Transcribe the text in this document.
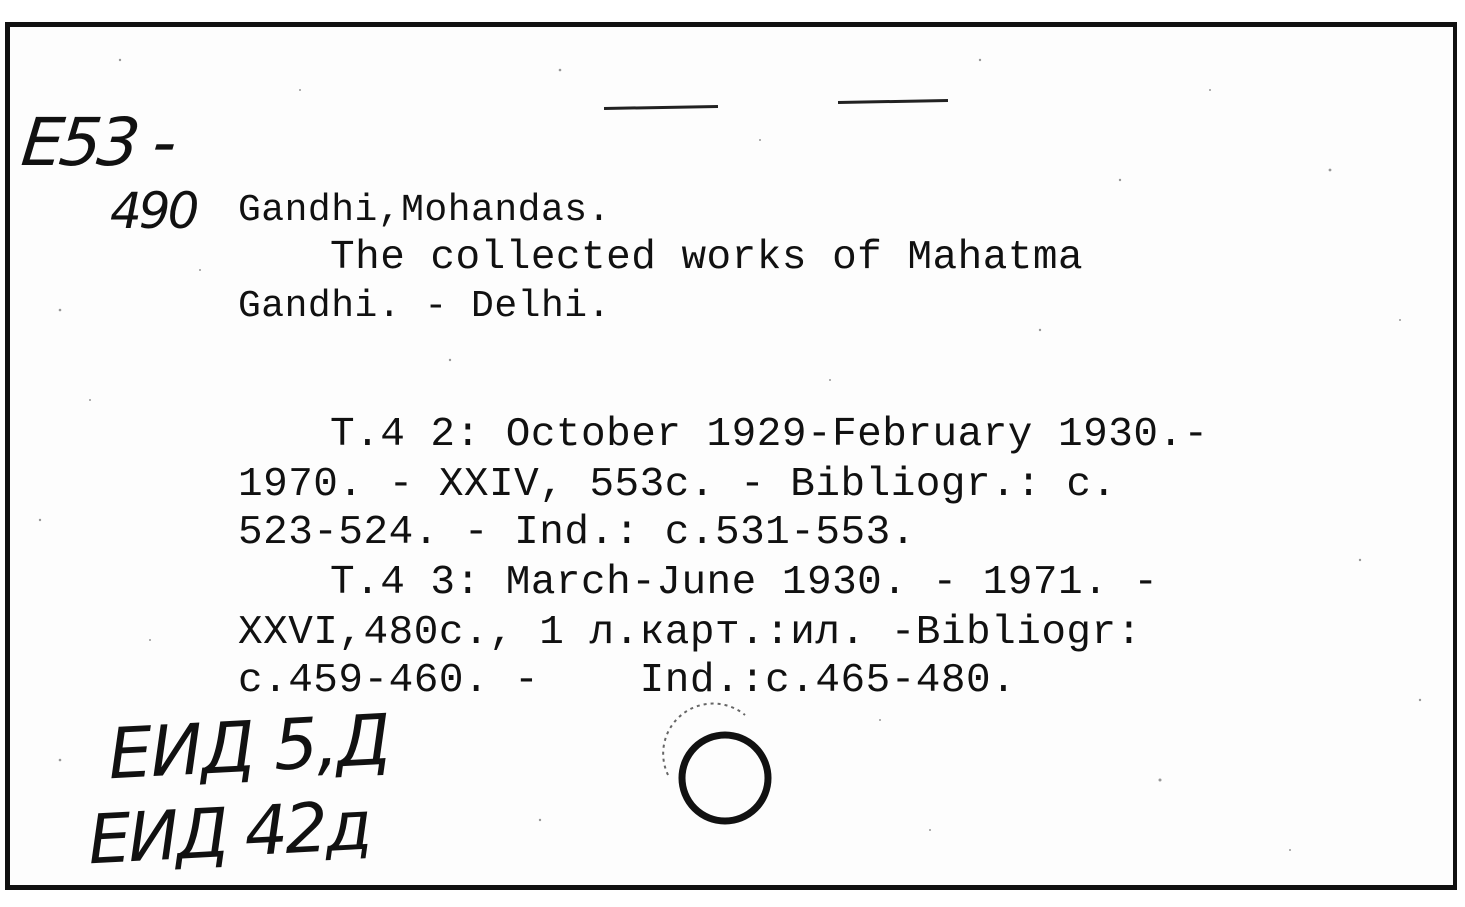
E53 -
490 Gandhi,Mohandas.
The collected works of Mahatma
Gandhi. - Delhi.
T.4 2: October 1929-February 1930.-
1970. - XXIV, 553c. - Bibliogr.: c.
523-524. - Ind.: c.531-553.
T.4 3: March-June 1930. - 1971. -
XXVI,480c., 1 л.карт.:ил. -Bibliogr:
c.459-460. -    Ind.:c.465-480.
ЕИД 5,Д
ЕИД 42д
